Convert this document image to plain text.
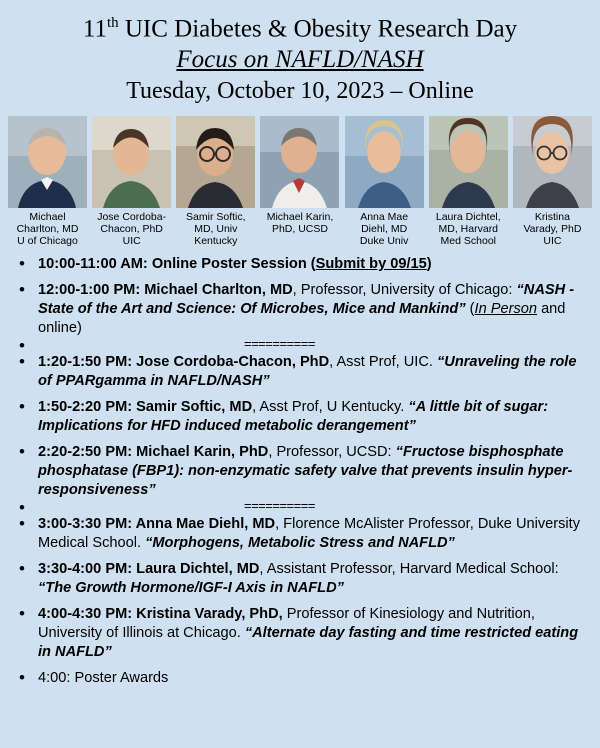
11th UIC Diabetes & Obesity Research Day
Focus on NAFLD/NASH
Tuesday, October 10, 2023 – Online
Michael
Charlton, MD
U of Chicago
Jose Cordoba-
Chacon, PhD
UIC
Samir Softic,
MD, Univ
Kentucky
Michael Karin,
PhD, UCSD
Anna Mae
Diehl, MD
Duke Univ
Laura Dichtel,
MD, Harvard
Med School
Kristina
Varady, PhD
UIC
• 10:00-11:00 AM: Online Poster Session (Submit by 09/15)
• 12:00-1:00 PM: Michael Charlton, MD, Professor, University of Chicago: “NASH - State of the Art and Science: Of Microbes, Mice and Mankind” (In Person and online)
• ==========
• 1:20-1:50 PM: Jose Cordoba-Chacon, PhD, Asst Prof, UIC. “Unraveling the role of PPARgamma in NAFLD/NASH”
• 1:50-2:20 PM: Samir Softic, MD, Asst Prof, U Kentucky. “A little bit of sugar: Implications for HFD induced metabolic derangement”
• 2:20-2:50 PM: Michael Karin, PhD, Professor, UCSD: “Fructose bisphosphate phosphatase (FBP1): non-enzymatic safety valve that prevents insulin hyper-responsiveness”
• ==========
• 3:00-3:30 PM: Anna Mae Diehl, MD, Florence McAlister Professor, Duke University Medical School. “Morphogens, Metabolic Stress and NAFLD”
• 3:30-4:00 PM: Laura Dichtel, MD, Assistant Professor, Harvard Medical School: “The Growth Hormone/IGF-I Axis in NAFLD”
• 4:00-4:30 PM: Kristina Varady, PhD, Professor of Kinesiology and Nutrition, University of Illinois at Chicago. “Alternate day fasting and time restricted eating in NAFLD”
• 4:00: Poster Awards
